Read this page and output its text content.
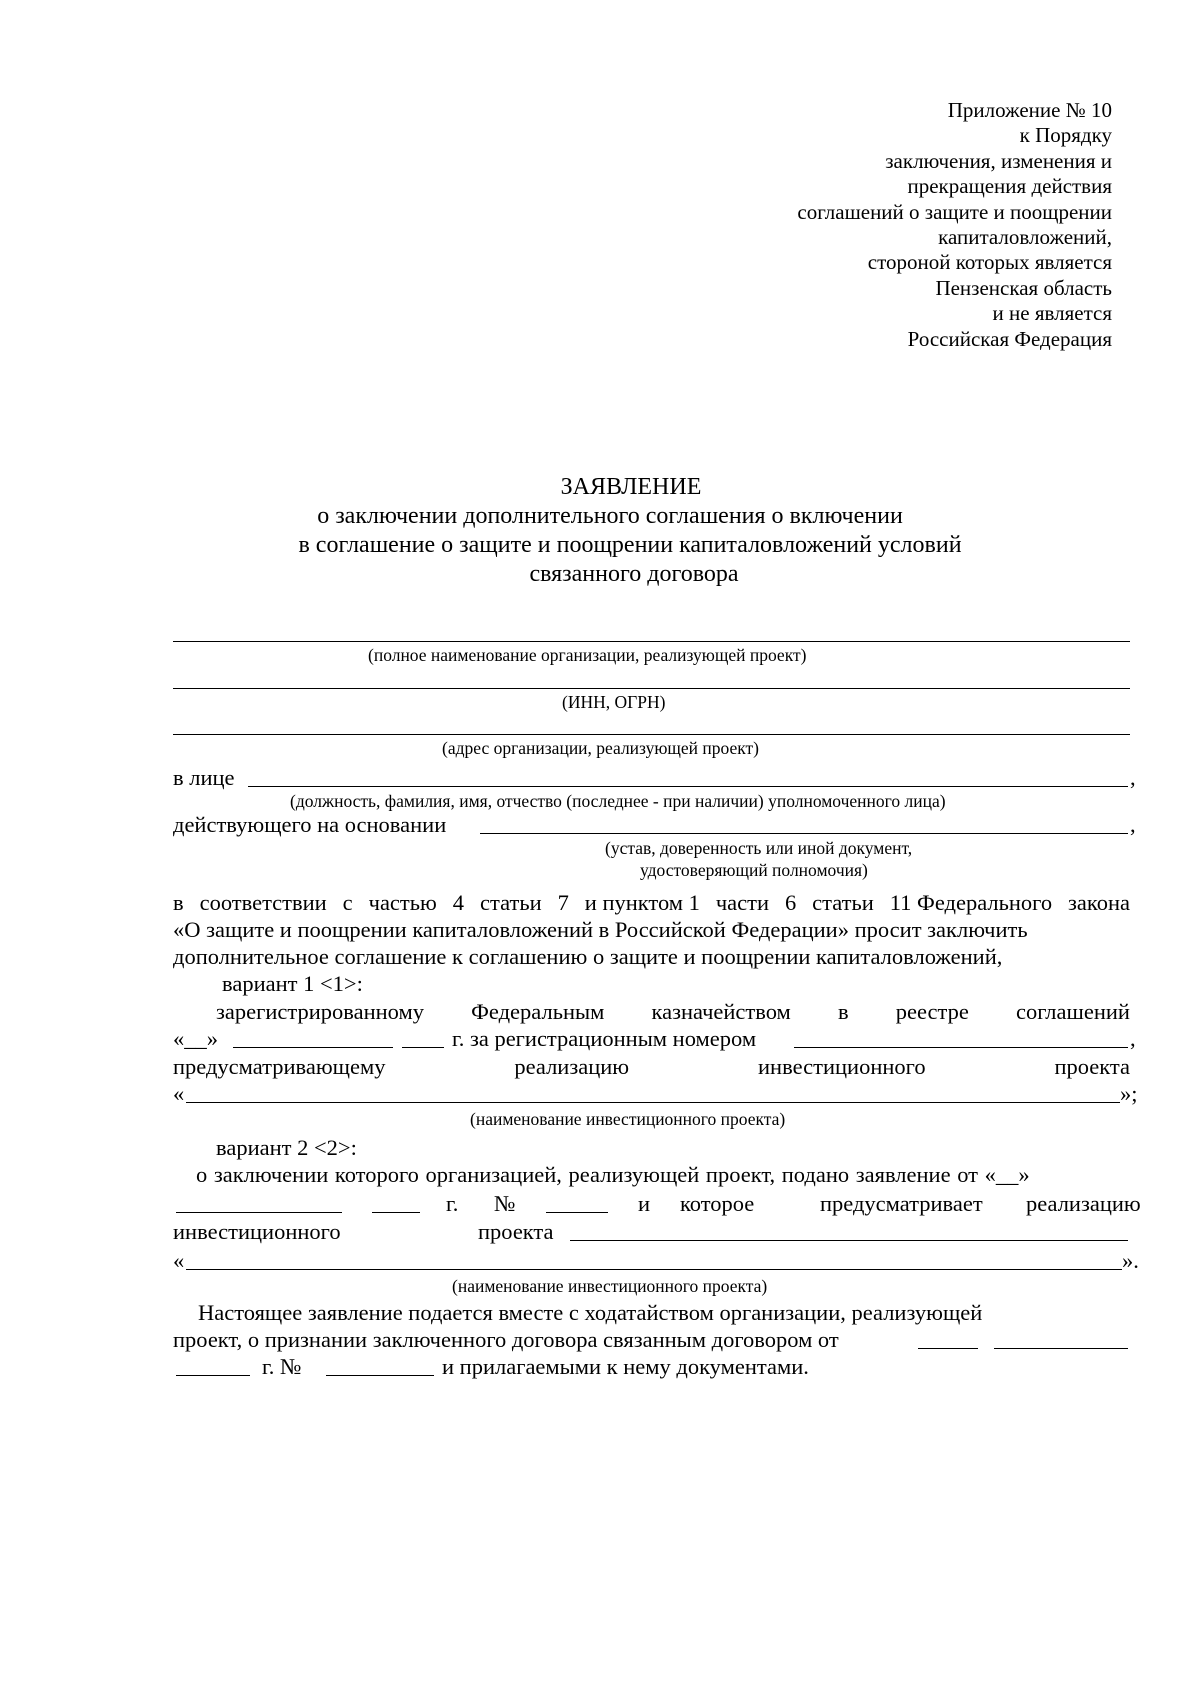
Приложение № 10
к Порядку
заключения, изменения и
прекращения действия
соглашений о защите и поощрении
капиталовложений,
стороной которых является
Пензенская область
и не является
Российская Федерация
ЗАЯВЛЕНИЕ
о заключении дополнительного соглашения о включении
в соглашение о защите и поощрении капиталовложений условий
связанного договора
(полное наименование организации, реализующей проект)
(ИНН, ОГРН)
(адрес организации, реализующей проект)
в лице	,
(должность, фамилия, имя, отчество (последнее - при наличии) уполномоченного лица)
действующего на основании	,
(устав, доверенность или иной документ,
удостоверяющий полномочия)
в соответствии с частью 4 статьи 7 и пунктом 1 части 6 статьи 11 Федерального закона
«О защите и поощрении капиталовложений в Российской Федерации» просит заключить
дополнительное соглашение к соглашению о защите и поощрении капиталовложений,
вариант 1 <1>:
зарегистрированному Федеральным казначейством в реестре соглашений
«__»	г. за регистрационным номером	,
предусматривающему	реализацию	инвестиционного	проекта
«	»;
(наименование инвестиционного проекта)
вариант 2 <2>:
о заключении которого организацией, реализующей проект, подано заявление от «__»
г. №	и которое	предусматривает реализацию
инвестиционного	проекта
«	».
(наименование инвестиционного проекта)
Настоящее заявление подается вместе с ходатайством организации, реализующей
проект, о признании заключенного договора связанным договором от
г. №	и прилагаемыми к нему документами.
